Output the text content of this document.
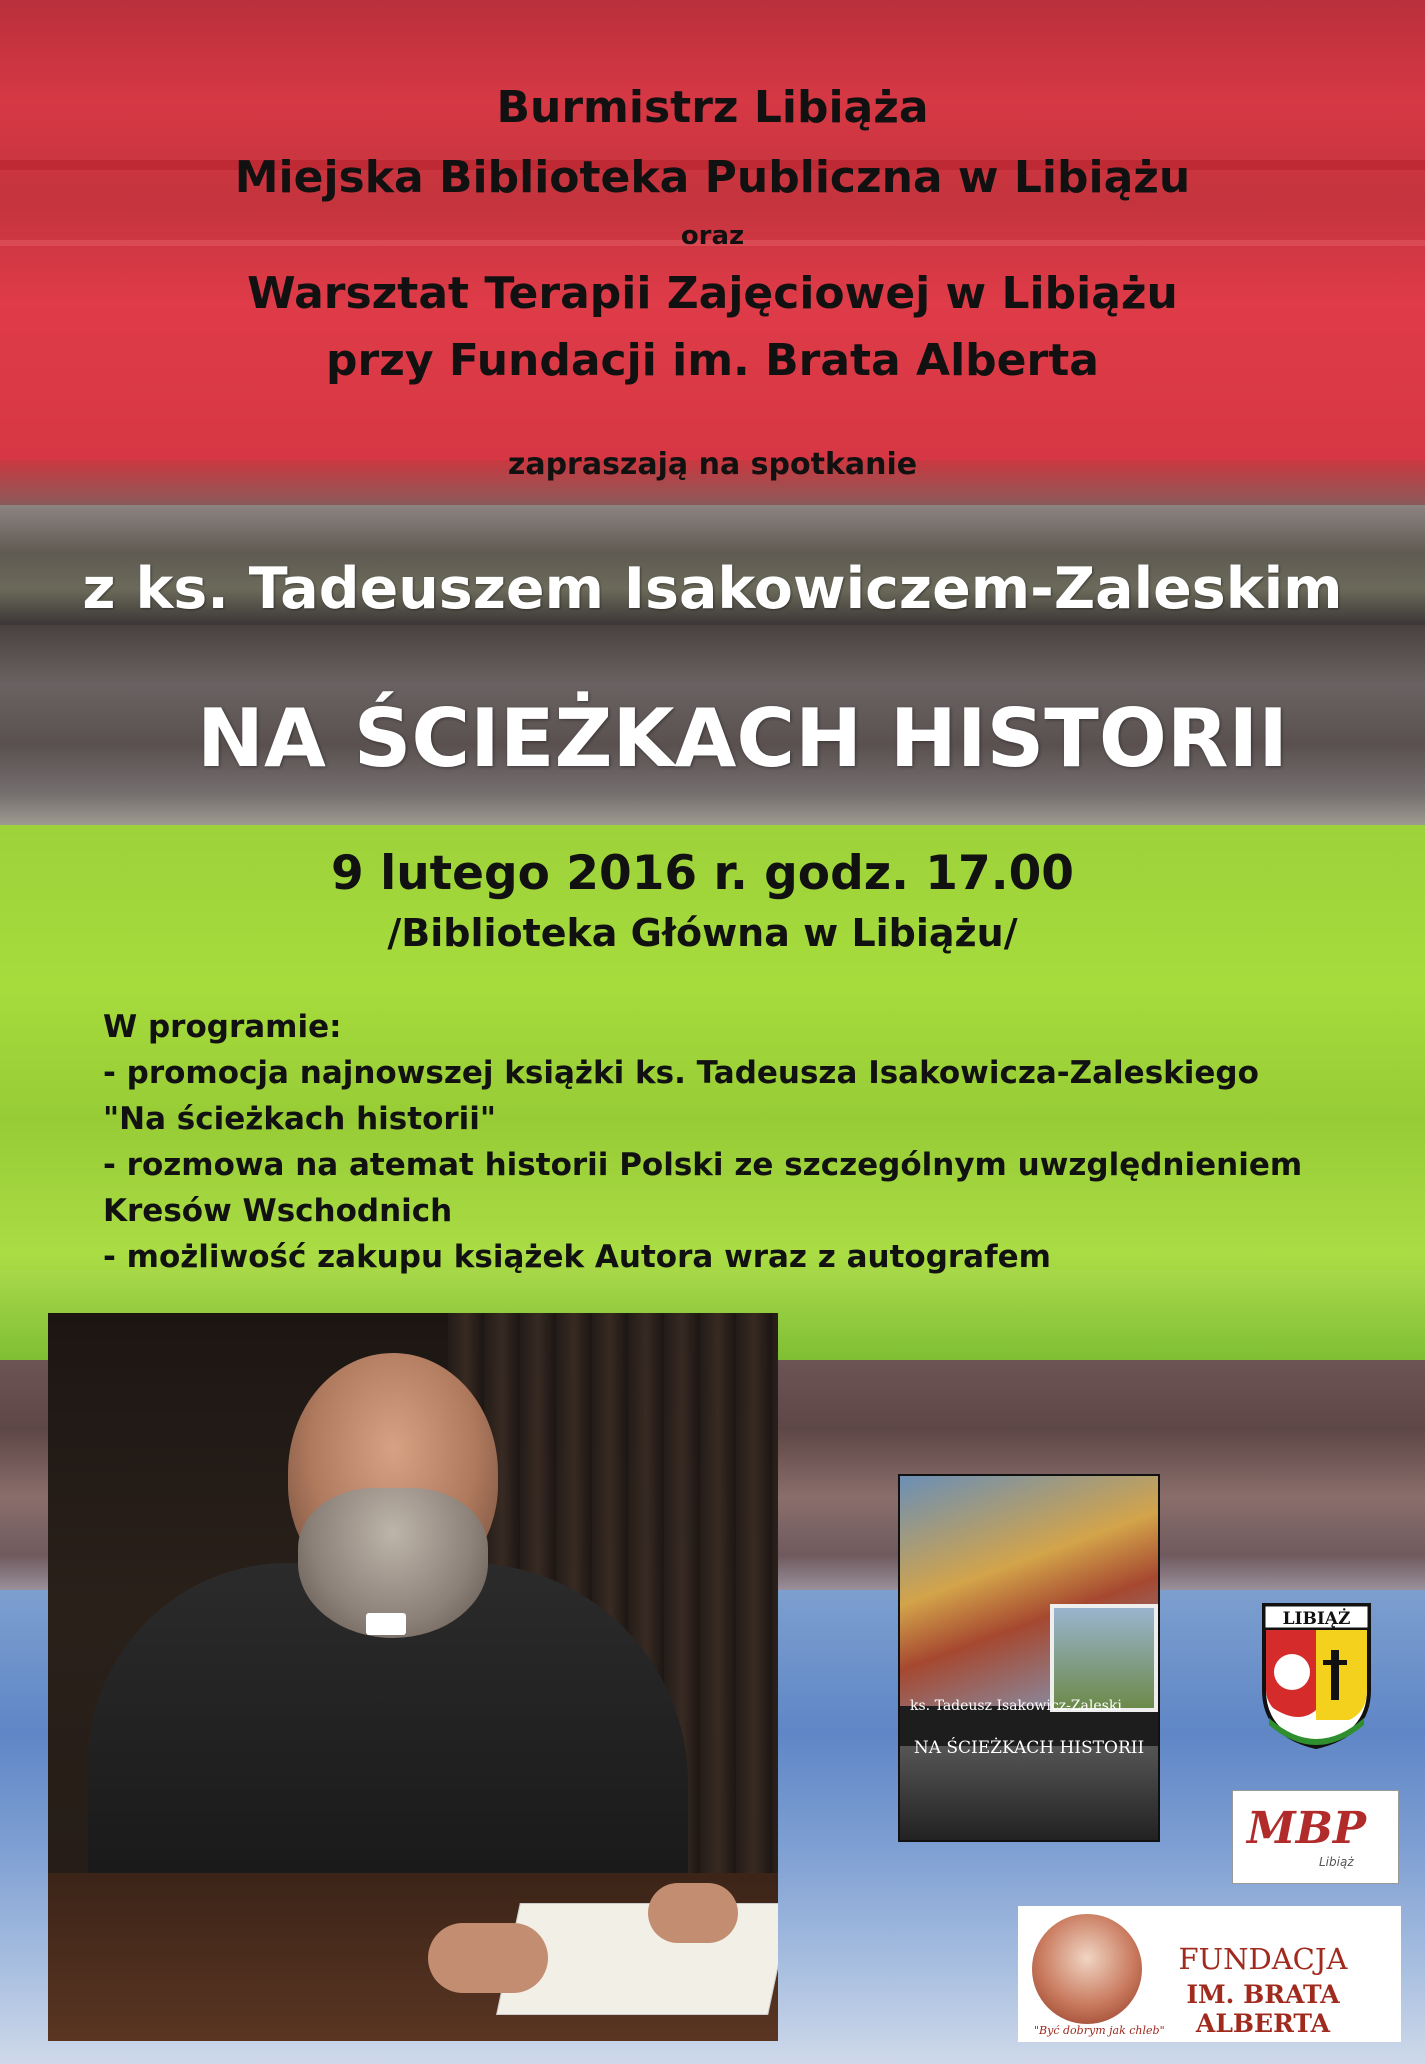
Burmistrz Libiąża

Miejska Biblioteka Publiczna w Libiążu

oraz

Warsztat Terapii Zajęciowej w Libiążu

przy Fundacji im. Brata Alberta

zapraszają na spotkanie

z ks. Tadeuszem Isakowiczem-Zaleskim

NA ŚCIEŻKACH HISTORII

9 lutego 2016 r. godz. 17.00

/Biblioteka Główna w Libiążu/

W programie:
- promocja najnowszej książki ks. Tadeusza Isakowicza-Zaleskiego
"Na ścieżkach historii"
- rozmowa na atemat historii Polski ze szczególnym uwzględnieniem
Kresów Wschodnich
- możliwość zakupu książek Autora wraz z autografem
ks. Tadeusz Isakowicz-Zaleski
NA ŚCIEŻKACH HISTORII
LIBIĄŻ
MBP
Libiąż
FUNDACJA
IM. BRATA ALBERTA
"Być dobrym jak chleb"
